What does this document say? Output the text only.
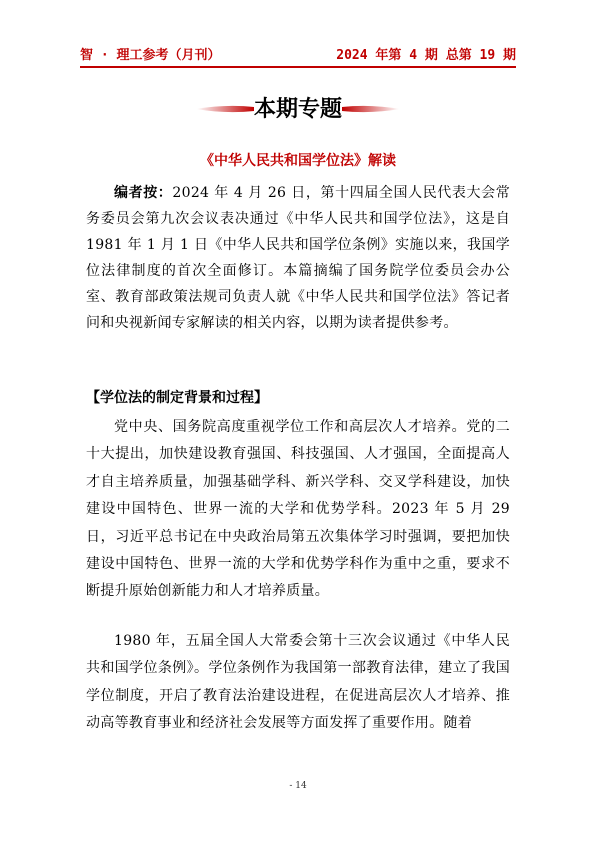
智 · 理工参考（月刊）	2024 年第 4 期 总第 19 期
本期专题
《中华人民共和国学位法》解读
编者按：2024 年 4 月 26 日，第十四届全国人民代表大会常务委员会第九次会议表决通过《中华人民共和国学位法》，这是自 1981 年 1 月 1 日《中华人民共和国学位条例》实施以来，我国学位法律制度的首次全面修订。本篇摘编了国务院学位委员会办公室、教育部政策法规司负责人就《中华人民共和国学位法》答记者问和央视新闻专家解读的相关内容，以期为读者提供参考。
【学位法的制定背景和过程】
党中央、国务院高度重视学位工作和高层次人才培养。党的二十大提出，加快建设教育强国、科技强国、人才强国，全面提高人才自主培养质量，加强基础学科、新兴学科、交叉学科建设，加快建设中国特色、世界一流的大学和优势学科。2023 年 5 月 29 日，习近平总书记在中央政治局第五次集体学习时强调，要把加快建设中国特色、世界一流的大学和优势学科作为重中之重，要求不断提升原始创新能力和人才培养质量。
1980 年，五届全国人大常委会第十三次会议通过《中华人民共和国学位条例》。学位条例作为我国第一部教育法律，建立了我国学位制度，开启了教育法治建设进程，在促进高层次人才培养、推动高等教育事业和经济社会发展等方面发挥了重要作用。随着
- 14
